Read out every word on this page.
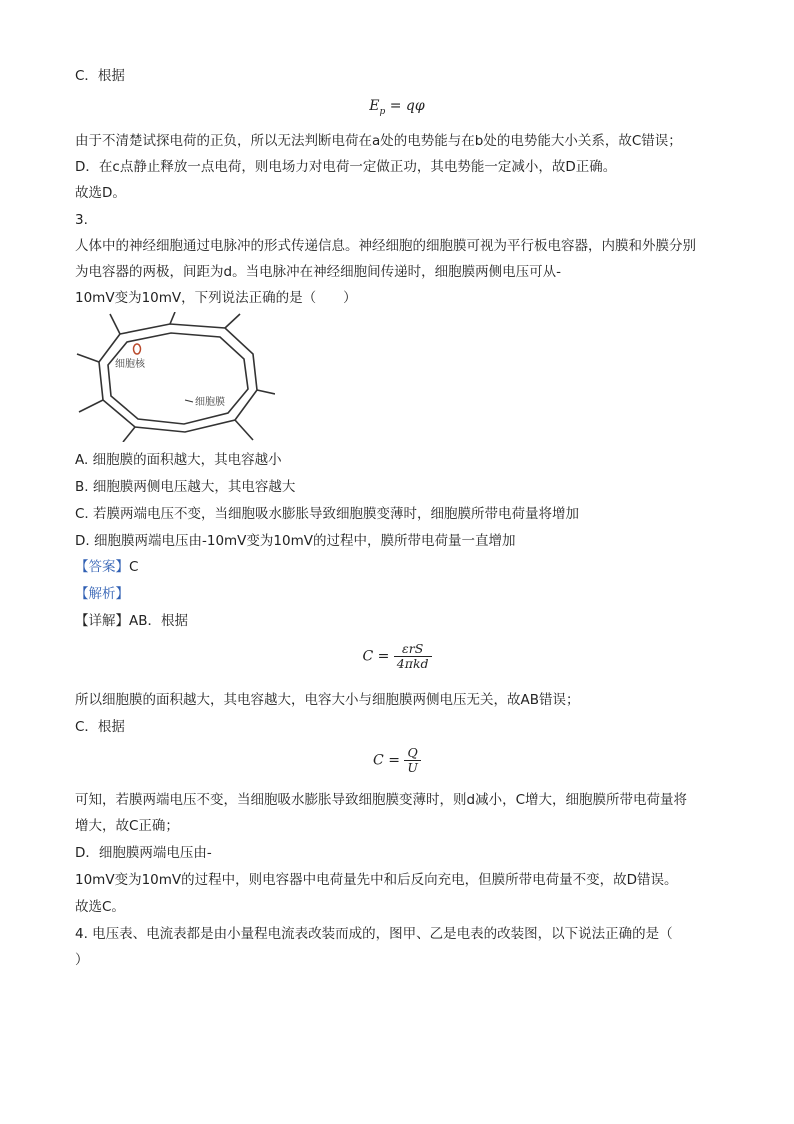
C．根据
$E_p = q\varphi$
由于不清楚试探电荷的正负，所以无法判断电荷在a处的电势能与在b处的电势能大小关系，故C错误；
D．在c点静止释放一点电荷，则电场力对电荷一定做正功，其电势能一定减小，故D正确。
故选D。
3.
人体中的神经细胞通过电脉冲的形式传递信息。神经细胞的细胞膜可视为平行板电容器，内膜和外膜分别
为电容器的两极，间距为d。当电脉冲在神经细胞间传递时，细胞膜两侧电压可从-
10mV变为10mV，下列说法正确的是（　　）
细胞核
细胞膜
A. 细胞膜的面积越大，其电容越小
B. 细胞膜两侧电压越大，其电容越大
C. 若膜两端电压不变，当细胞吸水膨胀导致细胞膜变薄时，细胞膜所带电荷量将增加
D. 细胞膜两端电压由-10mV变为10mV的过程中，膜所带电荷量一直增加
【答案】C
【解析】
【详解】AB．根据
$C = \frac{\text{εrS}}{\text{4πkd}}$
所以细胞膜的面积越大，其电容越大，电容大小与细胞膜两侧电压无关，故AB错误；
C．根据
$C = \frac{Q}{U}$
可知，若膜两端电压不变，当细胞吸水膨胀导致细胞膜变薄时，则d减小，C增大，细胞膜所带电荷量将
增大，故C正确；
D．细胞膜两端电压由-
10mV变为10mV的过程中，则电容器中电荷量先中和后反向充电，但膜所带电荷量不变，故D错误。
故选C。
4. 电压表、电流表都是由小量程电流表改装而成的，图甲、乙是电表的改装图，以下说法正确的是（
）
